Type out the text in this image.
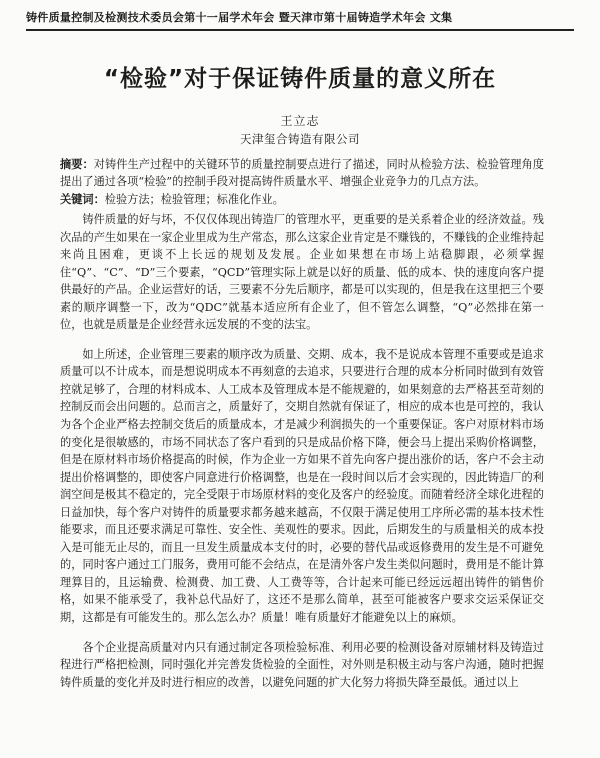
铸件质量控制及检测技术委员会第十一届学术年会 暨天津市第十届铸造学术年会 文集
“检验”对于保证铸件质量的意义所在
王立志
天津玺合铸造有限公司
摘要：对铸件生产过程中的关键环节的质量控制要点进行了描述，同时从检验方法、检验管理角度提出了通过各项“检验”的控制手段对提高铸件质量水平、增强企业竞争力的几点方法。
关键词：检验方法；检验管理；标准化作业。

铸件质量的好与坏，不仅仅体现出铸造厂的管理水平，更重要的是关系着企业的经济效益。残次品的产生如果在一家企业里成为生产常态，那么这家企业肯定是不赚钱的，不赚钱的企业维持起来尚且困难，更谈不上长远的规划及发展。企业如果想在市场上站稳脚跟，必须掌握住“Q”、“C”、“D”三个要素，“QCD”管理实际上就是以好的质量、低的成本、快的速度向客户提供最好的产品。企业运营好的话，三要素不分先后顺序，都是可以实现的，但是我在这里把三个要素的顺序调整一下，改为“QDC”就基本适应所有企业了，但不管怎么调整，“Q”必然排在第一位，也就是质量是企业经营永远发展的不变的法宝。

如上所述，企业管理三要素的顺序改为质量、交期、成本，我不是说成本管理不重要或是追求质量可以不计成本，而是想说明成本不再刻意的去追求，只要进行合理的成本分析同时做到有效管控就足够了，合理的材料成本、人工成本及管理成本是不能规避的，如果刻意的去严格甚至苛刻的控制反而会出问题的。总而言之，质量好了，交期自然就有保证了，相应的成本也是可控的，我认为各个企业严格去控制交货后的质量成本，才是减少利润损失的一个重要保证。客户对原材料市场的变化是很敏感的，市场不同状态了客户看到的只是成品价格下降，便会马上提出采购价格调整，但是在原材料市场价格提高的时候，作为企业一方如果不首先向客户提出涨价的话，客户不会主动提出价格调整的，即使客户同意进行价格调整，也是在一段时间以后才会实现的，因此铸造厂的利润空间是极其不稳定的，完全受限于市场原材料的变化及客户的经验度。而随着经济全球化进程的日益加快，每个客户对铸件的质量要求都务越来越高，不仅限于满足使用工序所必需的基本技术性能要求，而且还要求满足可靠性、安全性、美观性的要求。因此，后期发生的与质量相关的成本投入是可能无止尽的，而且一旦发生质量成本支付的时，必要的替代品或返修费用的发生是不可避免的，同时客户通过工门服务，费用可能不会结点，在是清外客户发生类似问题时，费用是不能计算理算目的，且运输费、检测费、加工费、人工费等等，合计起来可能已经远远超出铸件的销售价格，如果不能承受了，我补总代品好了，这还不是那么简单，甚至可能被客户要求交运采保证交期，这都是有可能发生的。那么怎么办？质量！唯有质量好才能避免以上的麻烦。

各个企业提高质量对内只有通过制定各项检验标准、利用必要的检测设备对原辅材料及铸造过程进行严格把检测，同时强化并完善发货检验的全面性，对外则是积极主动与客户沟通，随时把握铸件质量的变化并及时进行相应的改善，以避免问题的扩大化努力将损失降至最低。通过以上
